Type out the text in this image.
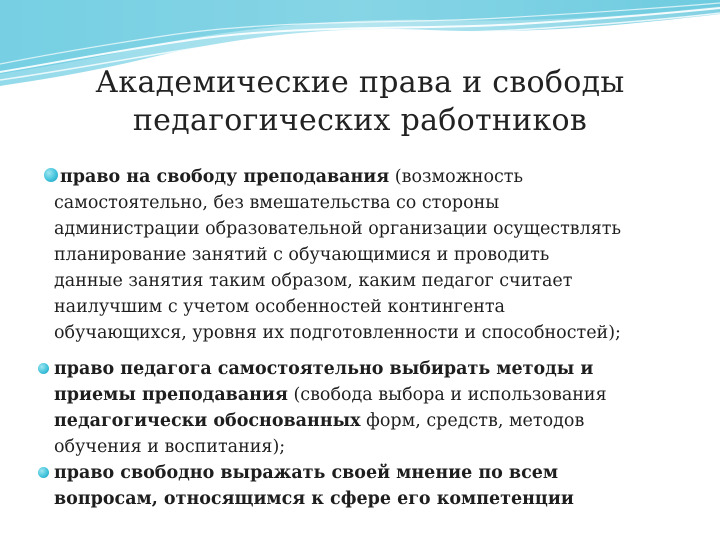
Академические права и свободы
педагогических работников
право на свободу преподавания (возможность
самостоятельно, без вмешательства со стороны
администрации образовательной организации осуществлять
планирование занятий с обучающимися и проводить
данные занятия таким образом, каким педагог считает
наилучшим с учетом особенностей контингента
обучающихся, уровня их подготовленности и способностей);
право педагога самостоятельно выбирать методы и
приемы преподавания (свобода выбора и использования
педагогически обоснованных форм, средств, методов
обучения и воспитания);
право свободно выражать своей мнение по всем
вопросам, относящимся к сфере его компетенции
